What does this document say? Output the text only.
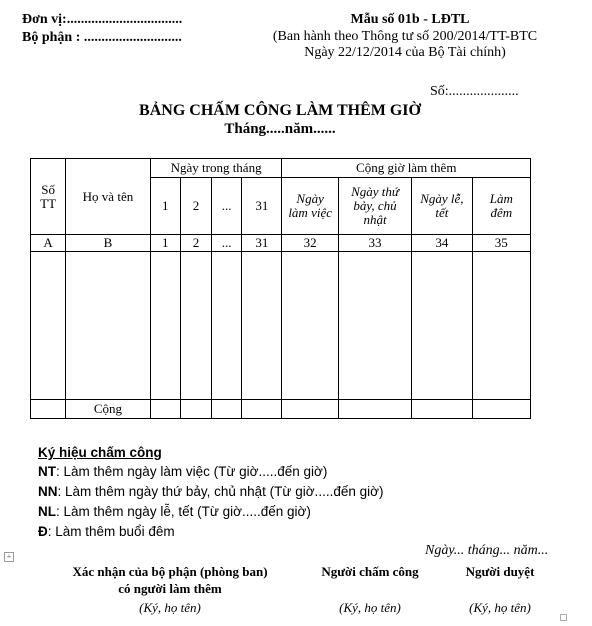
Đơn vị:.................................
Bộ phận : ............................
Mẫu số 01b - LĐTL
(Ban hành theo Thông tư số 200/2014/TT-BTC
Ngày 22/12/2014 của Bộ Tài chính)
Số:....................
BẢNG CHẤM CÔNG LÀM THÊM GIỜ
Tháng.....năm......
Số TT	Họ và tên	Ngày trong tháng				Cộng giờ làm thêm			
		1	2	...	31	Ngày làm việc	Ngày thứ bảy, chủ nhật	Ngày lễ, tết	Làm đêm
A	B	1	2	...	31	32	33	34	35

	Cộng								
Ký hiệu chấm công
NT: Làm thêm ngày làm việc (Từ giờ.....đến giờ)
NN: Làm thêm ngày thứ bảy, chủ nhật (Từ giờ.....đến giờ)
NL: Làm thêm ngày lễ, tết (Từ giờ.....đến giờ)
Đ: Làm thêm buổi đêm
+	Ngày... tháng... năm...
Xác nhận của bộ phận (phòng ban)
có người làm thêm
(Ký, họ tên)
Người chấm công
(Ký, họ tên)
Người duyệt
(Ký, họ tên)
